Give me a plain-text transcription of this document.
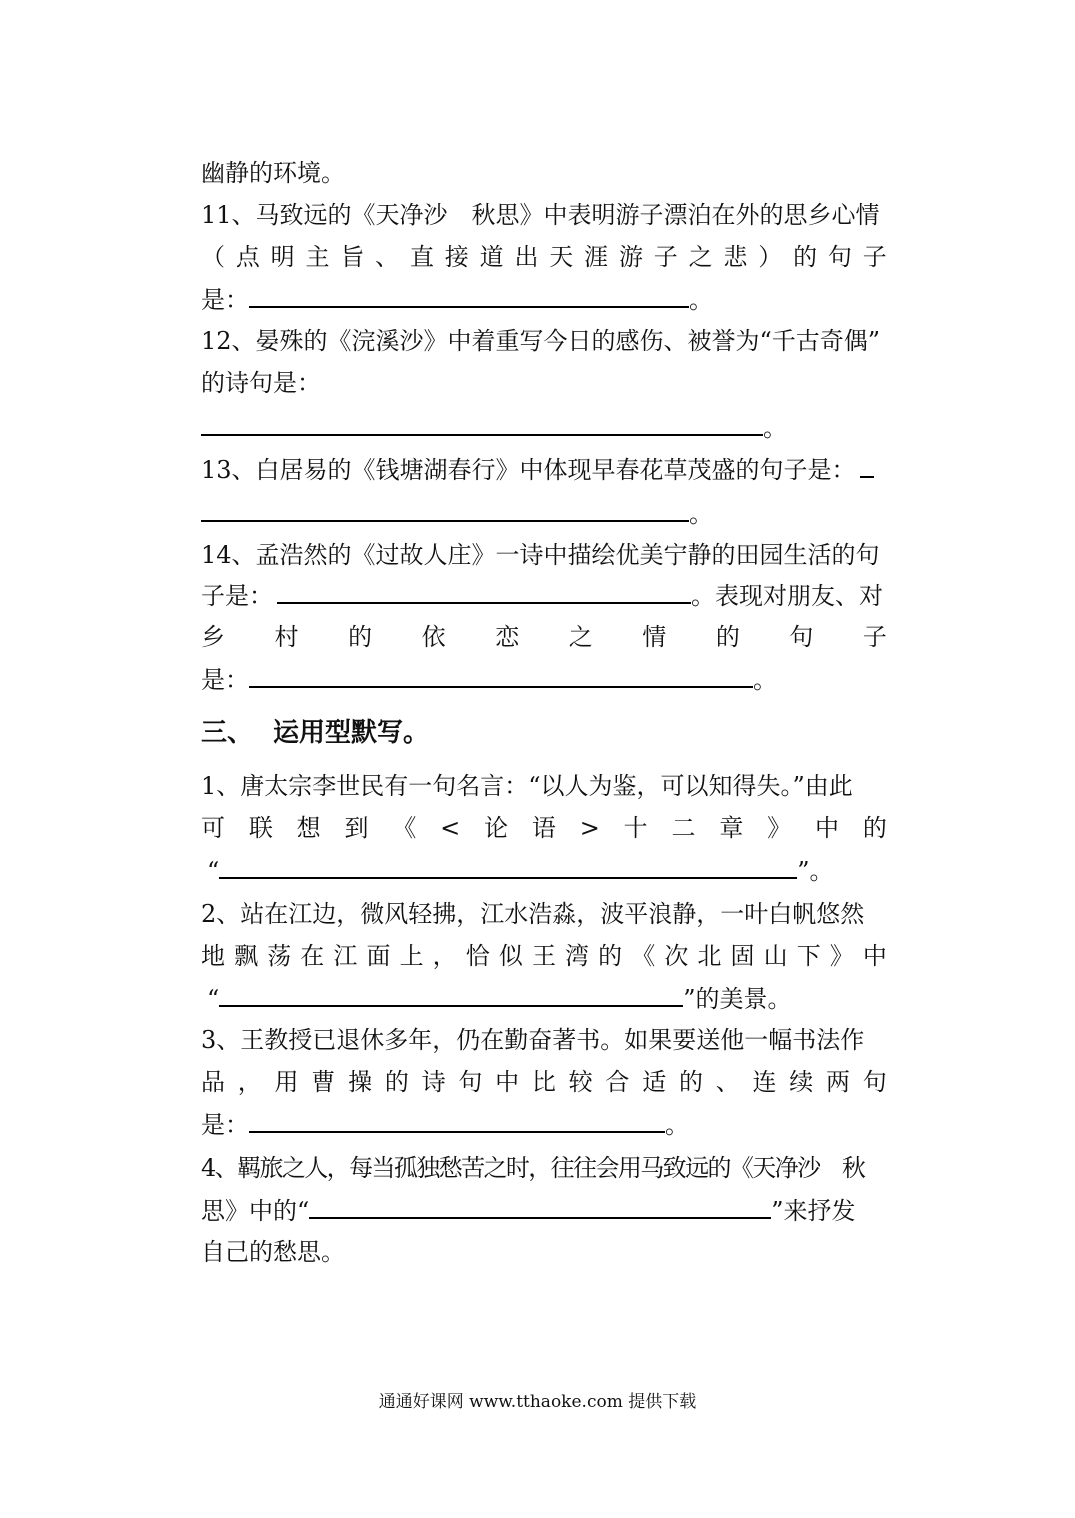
幽静的环境。
11、马致远的《天净沙　秋思》中表明游子漂泊在外的思乡心情
（ 点 明 主 旨 、 直 接 道 出 天 涯 游 子 之 悲 ） 的 句 子
是：	。
12、晏殊的《浣溪沙》中着重写今日的感伤、被誉为“千古奇偶”
的诗句是：
。
13、白居易的《钱塘湖春行》中体现早春花草茂盛的句子是：
。
14、孟浩然的《过故人庄》一诗中描绘优美宁静的田园生活的句
子是：	。表现对朋友、对
乡 村 的 依 恋 之 情 的 句 子
是：	。
三、 运用型默写。
1、唐太宗李世民有一句名言：“以人为鉴，可以知得失。”由此
可 联 想 到 《 < 论 语 > 十 二 章 》 中 的
“	”。
2、站在江边，微风轻拂，江水浩淼，波平浪静，一叶白帆悠然
地 飘 荡 在 江 面 上 ， 恰 似 王 湾 的 《 次 北 固 山 下 》 中
“	”的美景。
3、王教授已退休多年，仍在勤奋著书。如果要送他一幅书法作
品 ， 用 曹 操 的 诗 句 中 比 较 合 适 的 、 连 续 两 句
是：	。
4、羁旅之人，每当孤独愁苦之时，往往会用马致远的《天净沙　秋
思》中的“	”来抒发
自己的愁思。
通通好课网 www.tthaoke.com 提供下载
